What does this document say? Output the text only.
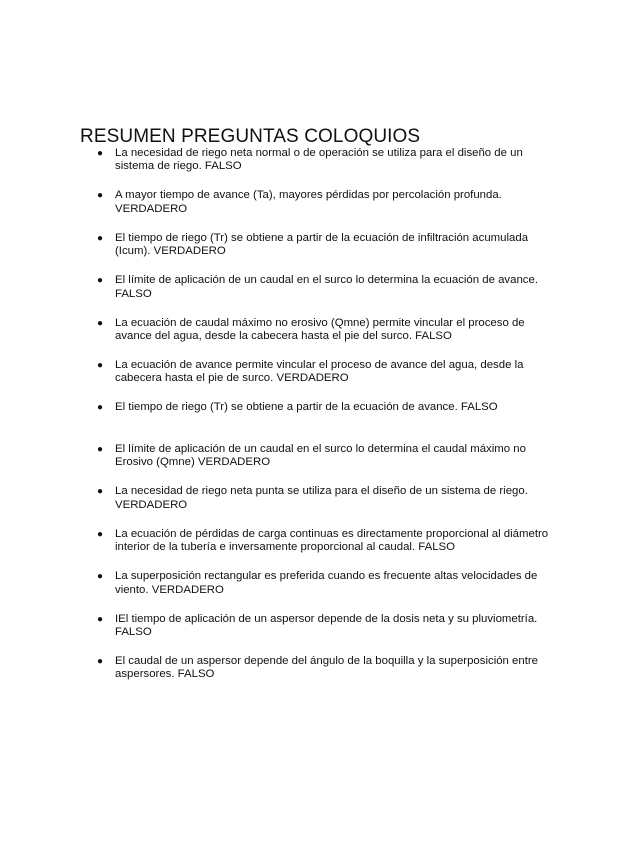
RESUMEN PREGUNTAS COLOQUIOS
● La necesidad de riego neta normal o de operación se utiliza para el diseño de un
sistema de riego. FALSO
● A mayor tiempo de avance (Ta), mayores pérdidas por percolación profunda.
VERDADERO
● El tiempo de riego (Tr) se obtiene a partir de la ecuación de infiltración acumulada
(Icum). VERDADERO
● El límite de aplicación de un caudal en el surco lo determina la ecuación de avance.
FALSO
● La ecuación de caudal máximo no erosivo (Qmne) permite vincular el proceso de
avance del agua, desde la cabecera hasta el pie del surco. FALSO
● La ecuación de avance permite vincular el proceso de avance del agua, desde la
cabecera hasta el pie de surco. VERDADERO
● El tiempo de riego (Tr) se obtiene a partir de la ecuación de avance. FALSO
● El límite de aplicación de un caudal en el surco lo determina el caudal máximo no
Erosivo (Qmne) VERDADERO
● La necesidad de riego neta punta se utiliza para el diseño de un sistema de riego.
VERDADERO
● La ecuación de pérdidas de carga continuas es directamente proporcional al diámetro
interior de la tubería e inversamente proporcional al caudal. FALSO
● La superposición rectangular es preferida cuando es frecuente altas velocidades de
viento. VERDADERO
● IEl tiempo de aplicación de un aspersor depende de la dosis neta y su pluviometría.
FALSO
● El caudal de un aspersor depende del ángulo de la boquilla y la superposición entre
aspersores. FALSO
